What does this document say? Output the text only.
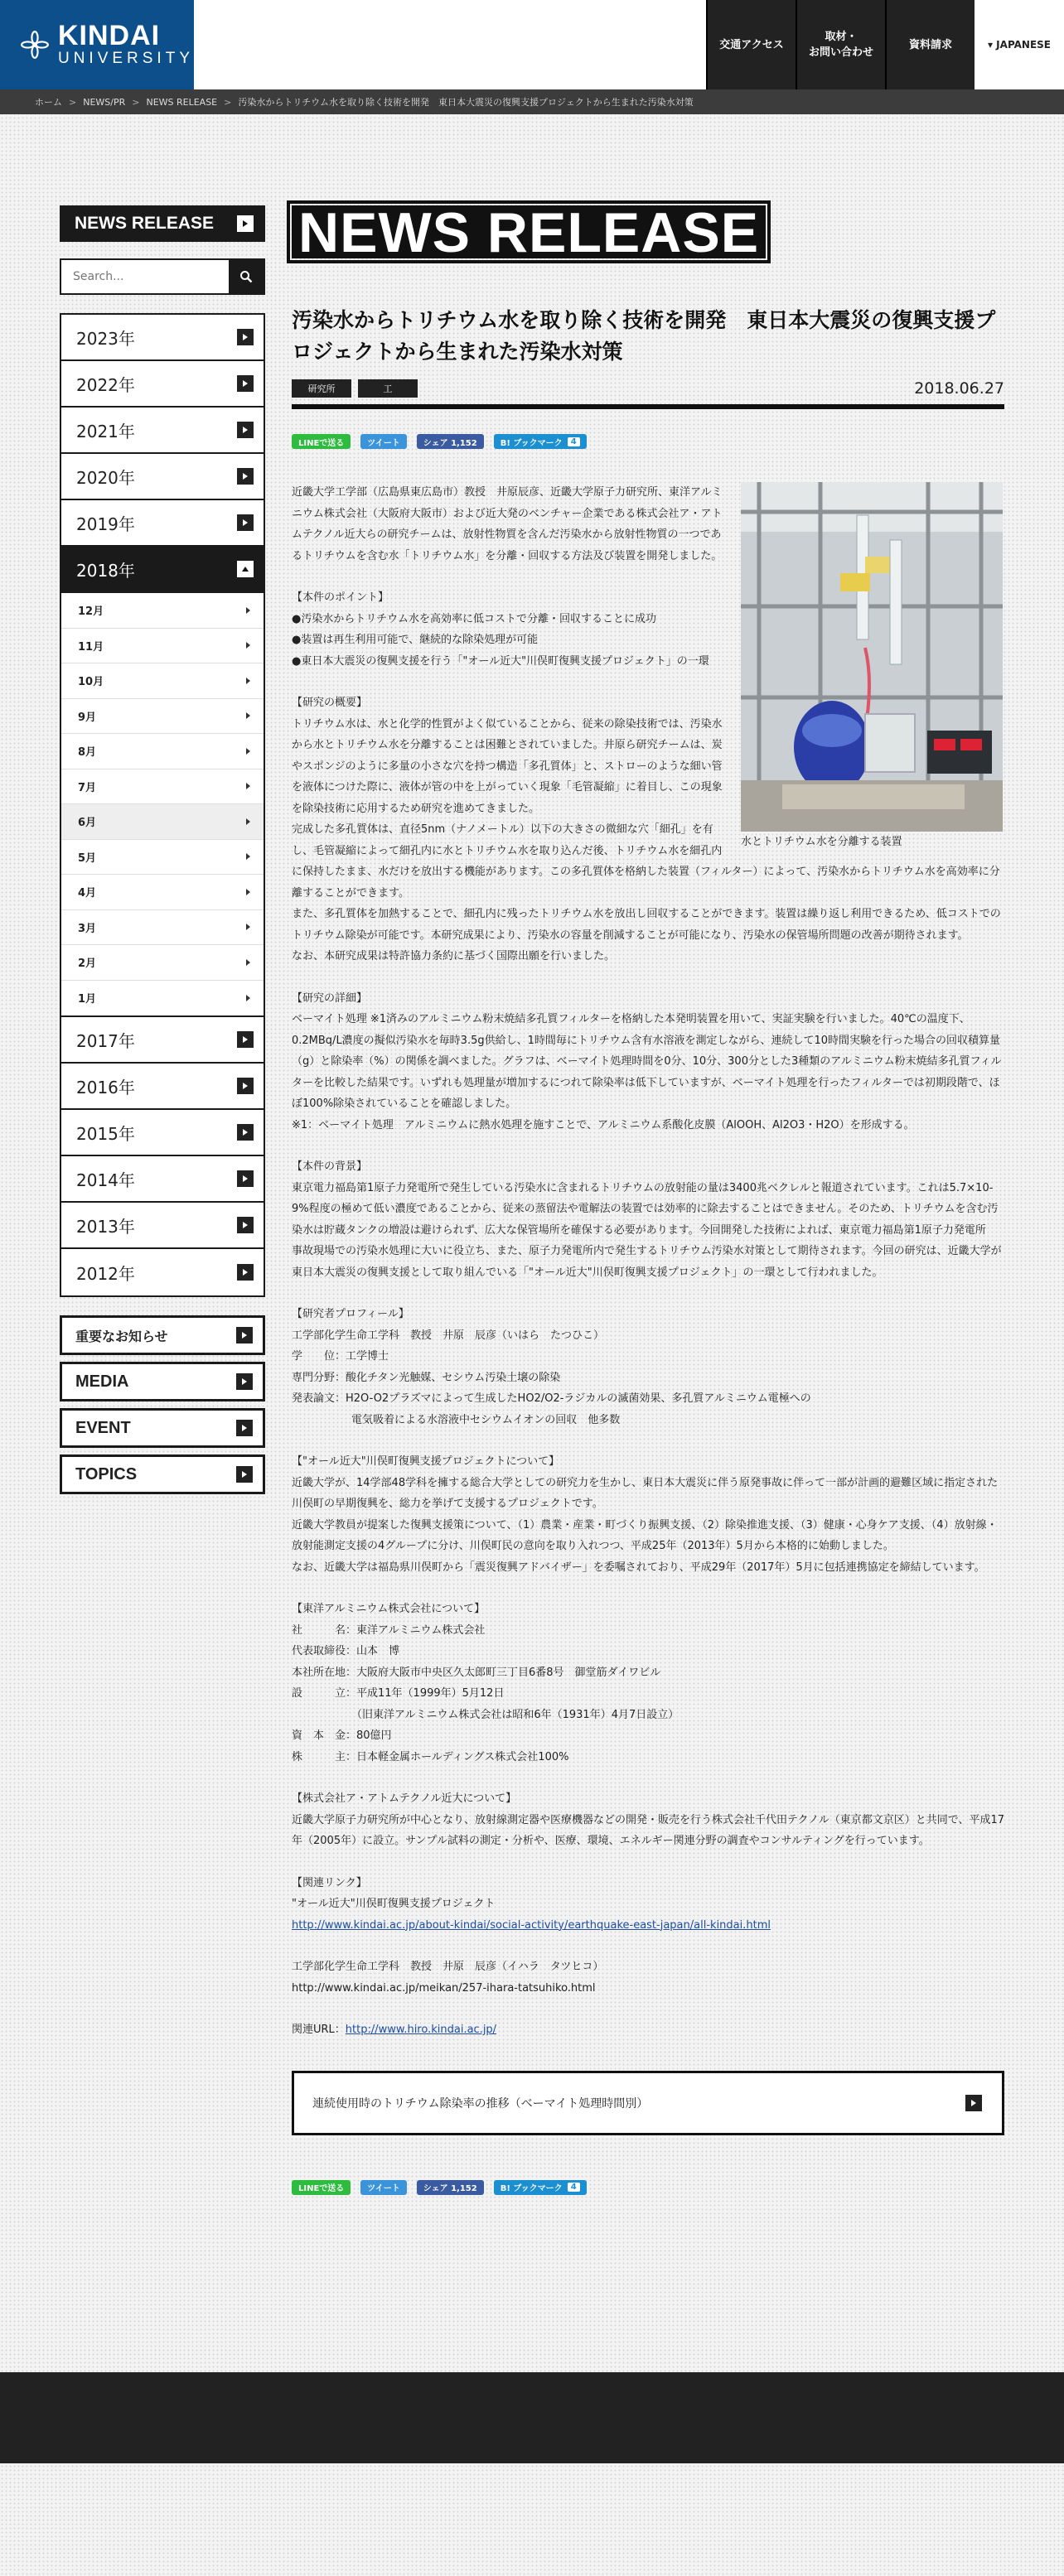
KINDAI
UNIVERSITY
交通アクセス
取材・
お問い合わせ
資料請求	▾ JAPANESE
ホーム > NEWS/PR > NEWS RELEASE > 汚染水からトリチウム水を取り除く技術を開発　東日本大震災の復興支援プロジェクトから生まれた汚染水対策
NEWS RELEASE
Search...
2023年
2022年
2021年
2020年
2019年
2018年
12月
11月
10月
9月
8月
7月
6月
5月
4月
3月
2月
1月
2017年
2016年
2015年
2014年
2013年
2012年
重要なお知らせ
MEDIA
EVENT
TOPICS
NEWS RELEASE
汚染水からトリチウム水を取り除く技術を開発　東日本大震災の復興支援プロジェクトから生まれた汚染水対策
研究所	工	2018.06.27
LINEで送る	ツイート	シェア 1,152	B! ブックマーク	4

水とトリチウム水を分離する装置

近畿大学工学部（広島県東広島市）教授　井原辰彦、近畿大学原子力研究所、東洋アルミニウム株式会社（大阪府大阪市）および近大発のベンチャー企業である株式会社ア・アトムテクノル近大らの研究チームは、放射性物質を含んだ汚染水から放射性物質の一つであるトリチウムを含む水「トリチウム水」を分離・回収する方法及び装置を開発しました。

【本件のポイント】

●汚染水からトリチウム水を高効率に低コストで分離・回収することに成功

●装置は再生利用可能で、継続的な除染処理が可能

●東日本大震災の復興支援を行う「"オール近大"川俣町復興支援プロジェクト」の一環

【研究の概要】

トリチウム水は、水と化学的性質がよく似ていることから、従来の除染技術では、汚染水から水とトリチウム水を分離することは困難とされていました。井原ら研究チームは、炭やスポンジのように多量の小さな穴を持つ構造「多孔質体」と、ストローのような細い管を液体につけた際に、液体が管の中を上がっていく現象「毛管凝縮」に着目し、この現象を除染技術に応用するため研究を進めてきました。

完成した多孔質体は、直径5nm（ナノメートル）以下の大きさの微細な穴「細孔」を有し、毛管凝縮によって細孔内に水とトリチウム水を取り込んだ後、トリチウム水を細孔内に保持したまま、水だけを放出する機能があります。この多孔質体を格納した装置（フィルター）によって、汚染水からトリチウム水を高効率に分離することができます。

また、多孔質体を加熱することで、細孔内に残ったトリチウム水を放出し回収することができます。装置は繰り返し利用できるため、低コストでのトリチウム除染が可能です。本研究成果により、汚染水の容量を削減することが可能になり、汚染水の保管場所問題の改善が期待されます。

なお、本研究成果は特許協力条約に基づく国際出願を行いました。

【研究の詳細】

ベーマイト処理 ※1済みのアルミニウム粉末焼結多孔質フィルターを格納した本発明装置を用いて、実証実験を行いました。40℃の温度下、0.2MBq/L濃度の擬似汚染水を毎時3.5g供給し、1時間毎にトリチウム含有水溶液を測定しながら、連続して10時間実験を行った場合の回収積算量（g）と除染率（%）の関係を調べました。グラフは、ベーマイト処理時間を0分、10分、300分とした3種類のアルミニウム粉末焼結多孔質フィルターを比較した結果です。いずれも処理量が増加するにつれて除染率は低下していますが、ベーマイト処理を行ったフィルターでは初期段階で、ほぼ100%除染されていることを確認しました。

※1：ベーマイト処理　アルミニウムに熱水処理を施すことで、アルミニウム系酸化皮膜（AlOOH、Al2O3・H2O）を形成する。

【本件の背景】

東京電力福島第1原子力発電所で発生している汚染水に含まれるトリチウムの放射能の量は3400兆ベクレルと報道されています。これは5.7×10-9%程度の極めて低い濃度であることから、従来の蒸留法や電解法の装置では効率的に除去することはできません。そのため、トリチウムを含む汚染水は貯蔵タンクの増設は避けられず、広大な保管場所を確保する必要があります。今回開発した技術によれば、東京電力福島第1原子力発電所　事故現場での汚染水処理に大いに役立ち、また、原子力発電所内で発生するトリチウム汚染水対策として期待されます。今回の研究は、近畿大学が東日本大震災の復興支援として取り組んでいる「"オール近大"川俣町復興支援プロジェクト」の一環として行われました。

【研究者プロフィール】

工学部化学生命工学科　教授　井原　辰彦（いはら　たつひこ）

学　　位：工学博士

専門分野：酸化チタン光触媒、セシウム汚染土壌の除染

発表論文：H2O-O2プラズマによって生成したHO2/O2-ラジカルの滅菌効果、多孔質アルミニウム電極への

電気吸着による水溶液中セシウムイオンの回収　他多数

【"オール近大"川俣町復興支援プロジェクトについて】

近畿大学が、14学部48学科を擁する総合大学としての研究力を生かし、東日本大震災に伴う原発事故に伴って一部が計画的避難区域に指定された川俣町の早期復興を、総力を挙げて支援するプロジェクトです。

近畿大学教員が提案した復興支援策について、（1）農業・産業・町づくり振興支援、（2）除染推進支援、（3）健康・心身ケア支援、（4）放射線・放射能測定支援の4グループに分け、川俣町民の意向を取り入れつつ、平成25年（2013年）5月から本格的に始動しました。

なお、近畿大学は福島県川俣町から「震災復興アドバイザー」を委嘱されており、平成29年（2017年）5月に包括連携協定を締結しています。

【東洋アルミニウム株式会社について】

社　　　名：東洋アルミニウム株式会社

代表取締役：山本　博

本社所在地：大阪府大阪市中央区久太郎町三丁目6番8号　御堂筋ダイワビル

設　　　立：平成11年（1999年）5月12日

（旧東洋アルミニウム株式会社は昭和6年（1931年）4月7日設立）

資　本　金：80億円

株　　　主：日本軽金属ホールディングス株式会社100%

【株式会社ア・アトムテクノル近大について】

近畿大学原子力研究所が中心となり、放射線測定器や医療機器などの開発・販売を行う株式会社千代田テクノル（東京都文京区）と共同で、平成17年（2005年）に設立。サンプル試料の測定・分析や、医療、環境、エネルギー関連分野の調査やコンサルティングを行っています。

【関連リンク】

"オール近大"川俣町復興支援プロジェクト

http://www.kindai.ac.jp/about-kindai/social-activity/earthquake-east-japan/all-kindai.html

工学部化学生命工学科　教授　井原　辰彦（イハラ　タツヒコ）

http://www.kindai.ac.jp/meikan/257-ihara-tatsuhiko.html

関連URL：http://www.hiro.kindai.ac.jp/

連続使用時のトリチウム除染率の推移（ベーマイト処理時間別）
LINEで送る	ツイート	シェア 1,152	B! ブックマーク	4
